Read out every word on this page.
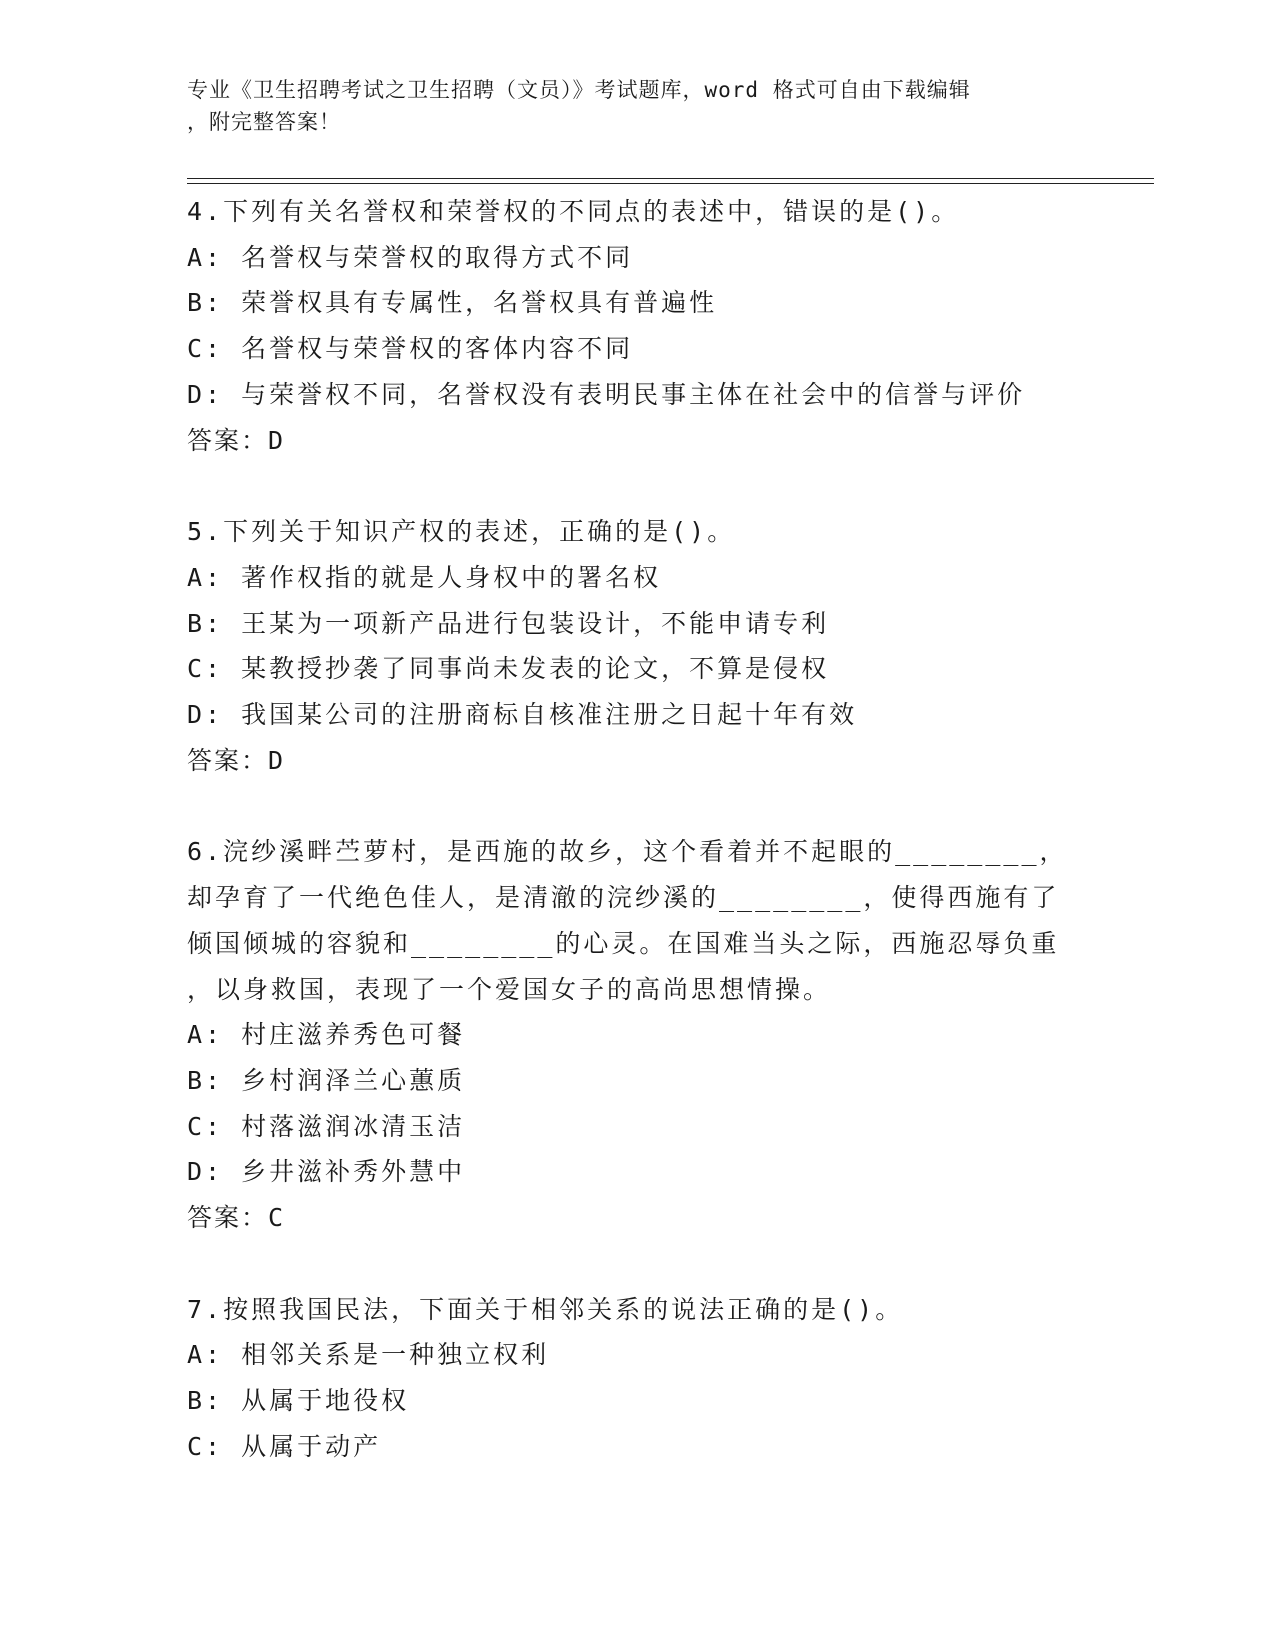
专业《卫生招聘考试之卫生招聘（文员）》考试题库，word 格式可自由下载编辑
，附完整答案！
4.下列有关名誉权和荣誉权的不同点的表述中，错误的是()。
A: 名誉权与荣誉权的取得方式不同
B: 荣誉权具有专属性，名誉权具有普遍性
C: 名誉权与荣誉权的客体内容不同
D: 与荣誉权不同，名誉权没有表明民事主体在社会中的信誉与评价
答案：D
5.下列关于知识产权的表述，正确的是()。
A: 著作权指的就是人身权中的署名权
B: 王某为一项新产品进行包装设计，不能申请专利
C: 某教授抄袭了同事尚未发表的论文，不算是侵权
D: 我国某公司的注册商标自核准注册之日起十年有效
答案：D
6.浣纱溪畔苎萝村，是西施的故乡，这个看着并不起眼的________，
却孕育了一代绝色佳人，是清澈的浣纱溪的________，使得西施有了
倾国倾城的容貌和________的心灵。在国难当头之际，西施忍辱负重
，以身救国，表现了一个爱国女子的高尚思想情操。
A: 村庄滋养秀色可餐
B: 乡村润泽兰心蕙质
C: 村落滋润冰清玉洁
D: 乡井滋补秀外慧中
答案：C
7.按照我国民法，下面关于相邻关系的说法正确的是()。
A: 相邻关系是一种独立权利
B: 从属于地役权
C: 从属于动产
